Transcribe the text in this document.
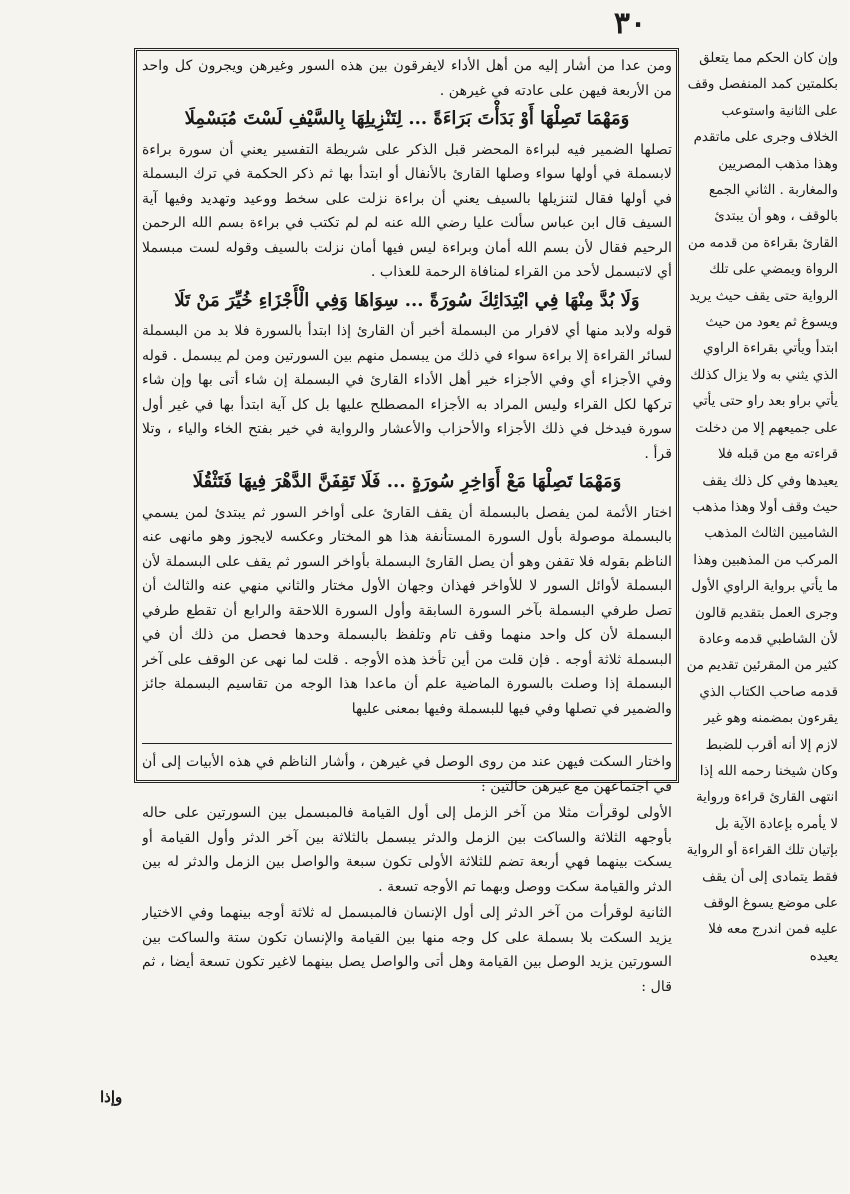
٣٠

ومن عدا من أشار إليه من أهل الأداء لايفرقون بين هذه السور وغيرهن ويجرون كل واحد من الأربعة فيهن على عادته في غيرهن .

وَمَهْمَا تَصِلْهَا أَوْ بَدَأْتَ بَرَاءَةً ... لِتَنْزِيلِهَا بِالسَّيْفِ لَسْتَ مُبَسْمِلَا

تصلها الضمير فيه لبراءة المحضر قبل الذكر على شريطة التفسير يعني أن سورة براءة لابسملة في أولها سواء وصلها القارئ بالأنفال أو ابتدأ بها ثم ذكر الحكمة في ترك البسملة في أولها فقال لتنزيلها بالسيف يعني أن براءة نزلت على سخط ووعيد وتهديد وفيها آية السيف قال ابن عباس سألت عليا رضي الله عنه لم لم تكتب في براءة بسم الله الرحمن الرحيم فقال لأن بسم الله أمان وبراءة ليس فيها أمان نزلت بالسيف وقوله لست مبسملا أي لاتبسمل لأحد من القراء لمنافاة الرحمة للعذاب .

وَلَا بُدَّ مِنْهَا فِي ابْتِدَائِكَ سُورَةً ... سِوَاهَا وَفِي الْأَجْزَاءِ خُيِّرَ مَنْ تَلَا

قوله ولابد منها أي لافرار من البسملة أخبر أن القارئ إذا ابتدأ بالسورة فلا بد من البسملة لسائر القراءة إلا براءة سواء في ذلك من يبسمل منهم بين السورتين ومن لم يبسمل . قوله وفي الأجزاء أي وفي الأجزاء خير أهل الأداء القارئ في البسملة إن شاء أتى بها وإن شاء تركها لكل القراء وليس المراد به الأجزاء المصطلح عليها بل كل آية ابتدأ بها في غير أول سورة فيدخل في ذلك الأجزاء والأحزاب والأعشار والرواية في خير بفتح الخاء والياء ، وتلا قرأ .

وَمَهْمَا تَصِلْهَا مَعْ أَوَاخِرِ سُورَةٍ ... فَلَا تَقِفَنَّ الدَّهْرَ فِيهَا فَتَثْقُلَا

اختار الأئمة لمن يفصل بالبسملة أن يقف القارئ على أواخر السور ثم يبتدئ لمن يسمي بالبسملة موصولة بأول السورة المستأنفة هذا هو المختار وعكسه لايجوز وهو مانهى عنه الناظم بقوله فلا تقفن وهو أن يصل القارئ البسملة بأواخر السور ثم يقف على البسملة لأن البسملة لأوائل السور لا للأواخر فهذان وجهان الأول مختار والثاني منهي عنه والثالث أن تصل طرفي البسملة بآخر السورة السابقة وأول السورة اللاحقة والرابع أن تقطع طرفي البسملة لأن كل واحد منهما وقف تام وتلفظ بالبسملة وحدها فحصل من ذلك أن في البسملة ثلاثة أوجه . فإن قلت من أين تأخذ هذه الأوجه . قلت لما نهى عن الوقف على آخر البسملة إذا وصلت بالسورة الماضية علم أن ماعدا هذا الوجه من تقاسيم البسملة جائز والضمير في تصلها وفي فيها للبسملة وفيها بمعنى عليها

واختار السكت فيهن عند من روى الوصل في غيرهن ، وأشار الناظم في هذه الأبيات إلى أن في اجتماعهن مع غيرهن حالتين :

الأولى لوقرأت مثلا من آخر الزمل إلى أول القيامة فالمبسمل بين السورتين على حاله بأوجهه الثلاثة والساكت بين الزمل والدثر يبسمل بالثلاثة بين آخر الدثر وأول القيامة أو يسكت بينهما فهي أربعة تضم للثلاثة الأولى تكون سبعة والواصل بين الزمل والدثر له بين الدثر والقيامة سكت ووصل وبهما تم الأوجه تسعة .

الثانية لوقرأت من آخر الدثر إلى أول الإنسان فالمبسمل له ثلاثة أوجه بينهما وفي الاختيار يزيد السكت بلا بسملة على كل وجه منها بين القيامة والإنسان تكون ستة والساكت بين السورتين يزيد الوصل بين القيامة وهل أتى والواصل يصل بينهما لاغير تكون تسعة أيضا ، ثم قال :

وإن كان الحكم مما يتعلق بكلمتين كمد المنفصل وقف على الثانية واستوعب الخلاف وجرى على ماتقدم وهذا مذهب المصريين والمغاربة . الثاني الجمع بالوقف ، وهو أن يبتدئ القارئ بقراءة من قدمه من الرواة ويمضي على تلك الرواية حتى يقف حيث يريد ويسوغ ثم يعود من حيث ابتدأ ويأتي بقراءة الراوي الذي يثني به ولا يزال كذلك يأتي براو بعد راو حتى يأتي على جميعهم إلا من دخلت قراءته مع من قبله فلا يعيدها وفي كل ذلك يقف حيث وقف أولا وهذا مذهب الشاميين الثالث المذهب المركب من المذهبين وهذا ما يأتي برواية الراوي الأول وجرى العمل بتقديم قالون لأن الشاطبي قدمه وعادة كثير من المقرئين تقديم من قدمه صاحب الكتاب الذي يقرءون بمضمنه وهو غير لازم إلا أنه أقرب للضبط وكان شيخنا رحمه الله إذا انتهى القارئ قراءة ورواية لا يأمره بإعادة الآية بل بإتيان تلك القراءة أو الرواية فقط يتمادى إلى أن يقف على موضع يسوغ الوقف عليه فمن اندرج معه فلا يعيده
وإذا
